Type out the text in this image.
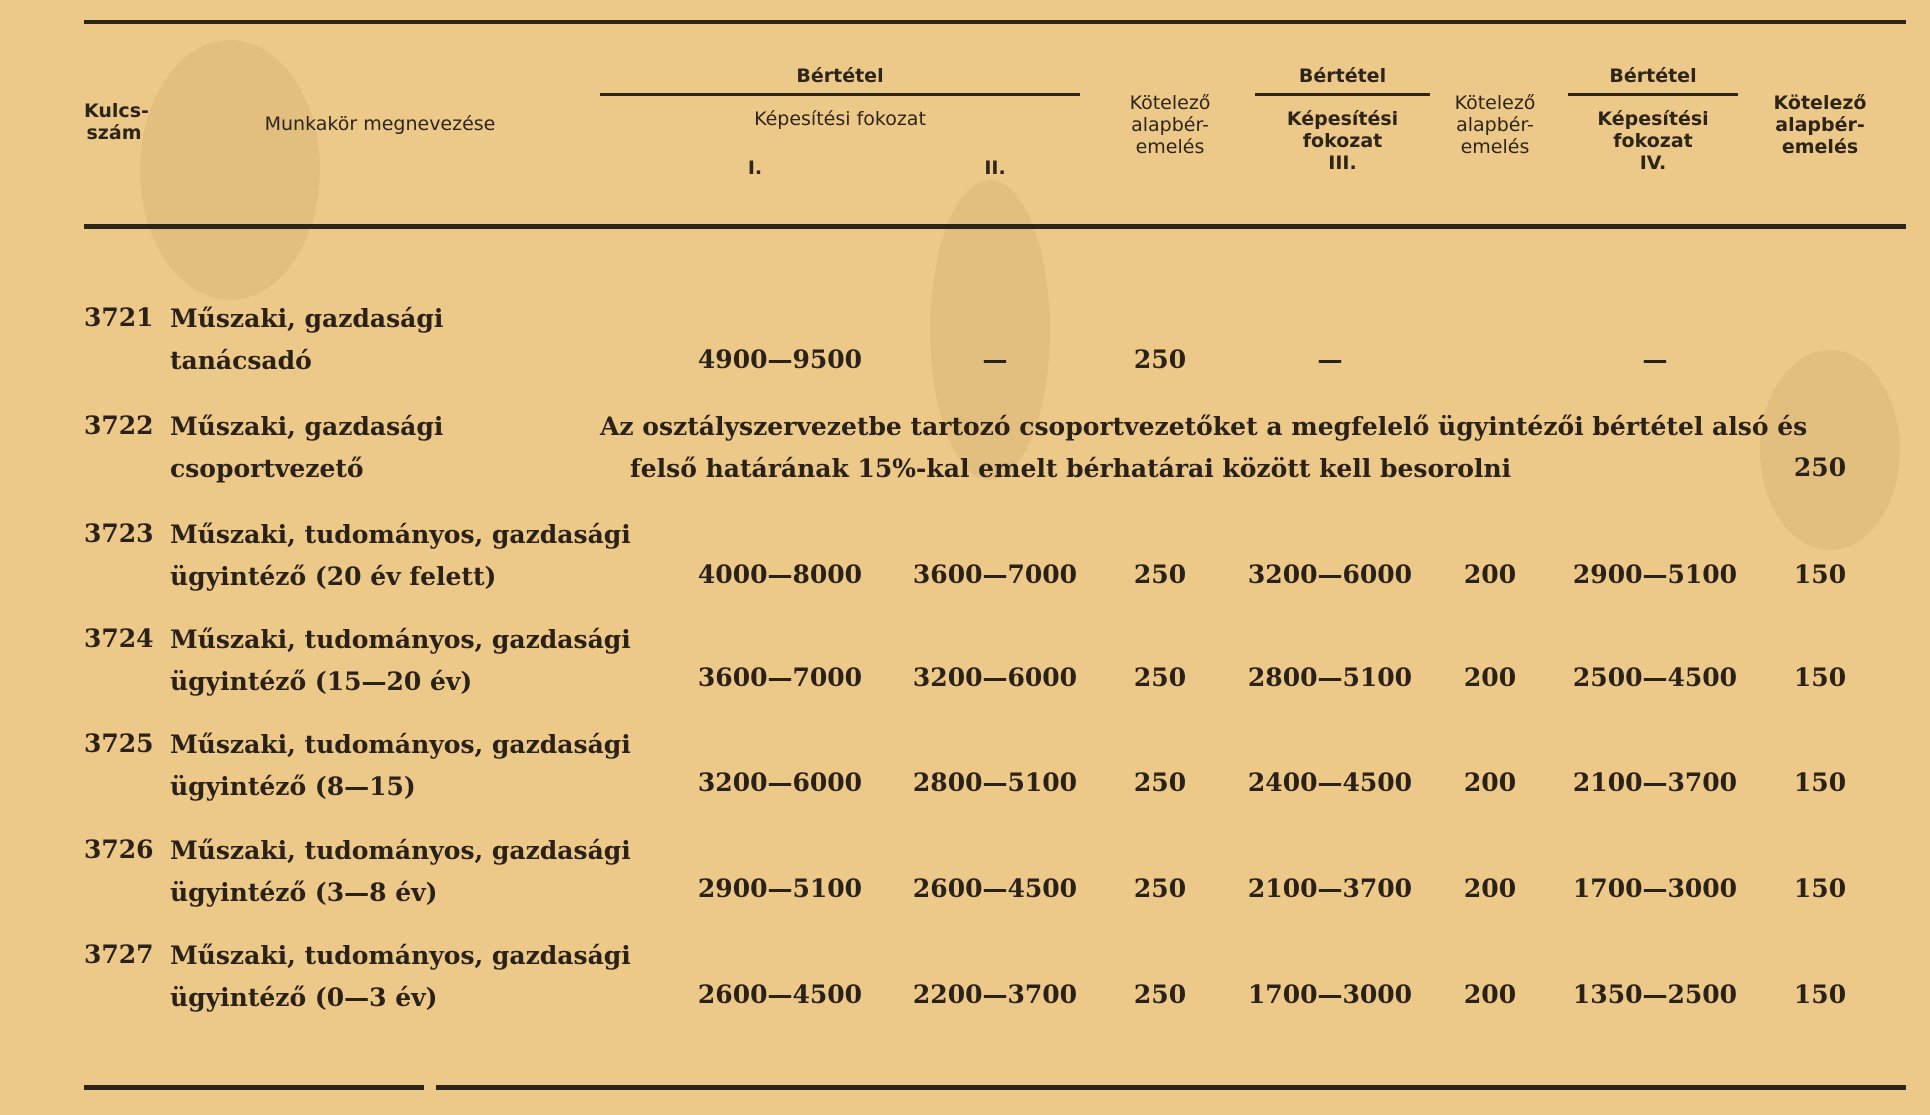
Kulcs-
szám	Munkakör megnevezése
Bértétel
Képesítési fokozat
I.	II.
Kötelező
alapbér-
emelés
Bértétel
Képesítési
fokozat
III.
Kötelező
alapbér-
emelés
Bértétel
Képesítési
fokozat
IV.
Kötelező
alapbér-
emelés
3721 Műszaki, gazdasági
tanácsadó	4900—9500	—	250	—	—
3722 Műszaki, gazdasági
csoportvezető
Az osztályszervezetbe tartozó csoportvezetőket a megfelelő ügyintézői bértétel alsó és
felső határának 15%-kal emelt bérhatárai között kell besorolni	250
3723 Műszaki, tudományos, gazdasági
ügyintéző (20 év felett)	4000—8000	3600—7000	250	3200—6000	200	2900—5100	150
3724 Műszaki, tudományos, gazdasági
ügyintéző (15—20 év)	3600—7000	3200—6000	250	2800—5100	200	2500—4500	150
3725 Műszaki, tudományos, gazdasági
ügyintéző (8—15)	3200—6000	2800—5100	250	2400—4500	200	2100—3700	150
3726 Műszaki, tudományos, gazdasági
ügyintéző (3—8 év)	2900—5100	2600—4500	250	2100—3700	200	1700—3000	150
3727 Műszaki, tudományos, gazdasági
ügyintéző (0—3 év)	2600—4500	2200—3700	250	1700—3000	200	1350—2500	150
